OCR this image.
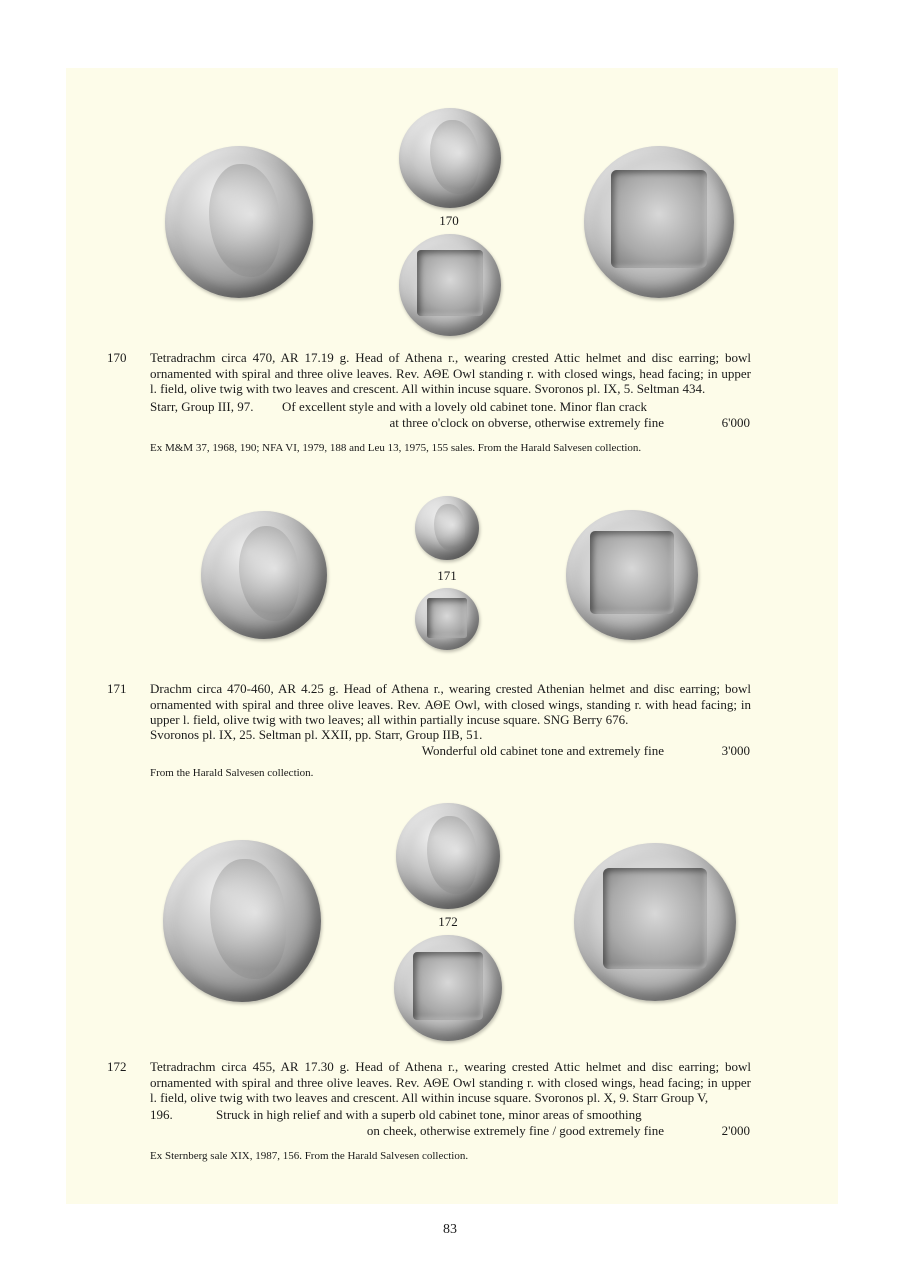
170
170 Tetradrachm circa 470, AR 17.19 g. Head of Athena r., wearing crested Attic helmet and disc earring; bowl ornamented with spiral and three olive leaves. Rev. ΑΘΕ Owl standing r. with closed wings, head facing; in upper l. field, olive twig with two leaves and crescent. All within incuse square. Svoronos pl. IX, 5. Seltman 434.
Starr, Group III, 97. Of excellent style and with a lovely old cabinet tone. Minor flan crack
at three o'clock on obverse, otherwise extremely fine	6'000
Ex M&M 37, 1968, 190; NFA VI, 1979, 188 and Leu 13, 1975, 155 sales. From the Harald Salvesen collection.
171
171 Drachm circa 470-460, AR 4.25 g. Head of Athena r., wearing crested Athenian helmet and disc earring; bowl ornamented with spiral and three olive leaves. Rev. ΑΘΕ Owl, with closed wings, standing r. with head facing; in upper l. field, olive twig with two leaves; all within partially incuse square. SNG Berry 676.
Svoronos pl. IX, 25. Seltman pl. XXII, pp. Starr, Group IIB, 51.
Wonderful old cabinet tone and extremely fine	3'000
From the Harald Salvesen collection.
172
172 Tetradrachm circa 455, AR 17.30 g. Head of Athena r., wearing crested Attic helmet and disc earring; bowl ornamented with spiral and three olive leaves. Rev. ΑΘΕ Owl standing r. with closed wings, head facing; in upper l. field, olive twig with two leaves and crescent. All within incuse square. Svoronos pl. X, 9. Starr Group V,
196.	Struck in high relief and with a superb old cabinet tone, minor areas of smoothing
on cheek, otherwise extremely fine / good extremely fine	2'000
Ex Sternberg sale XIX, 1987, 156. From the Harald Salvesen collection.
83
